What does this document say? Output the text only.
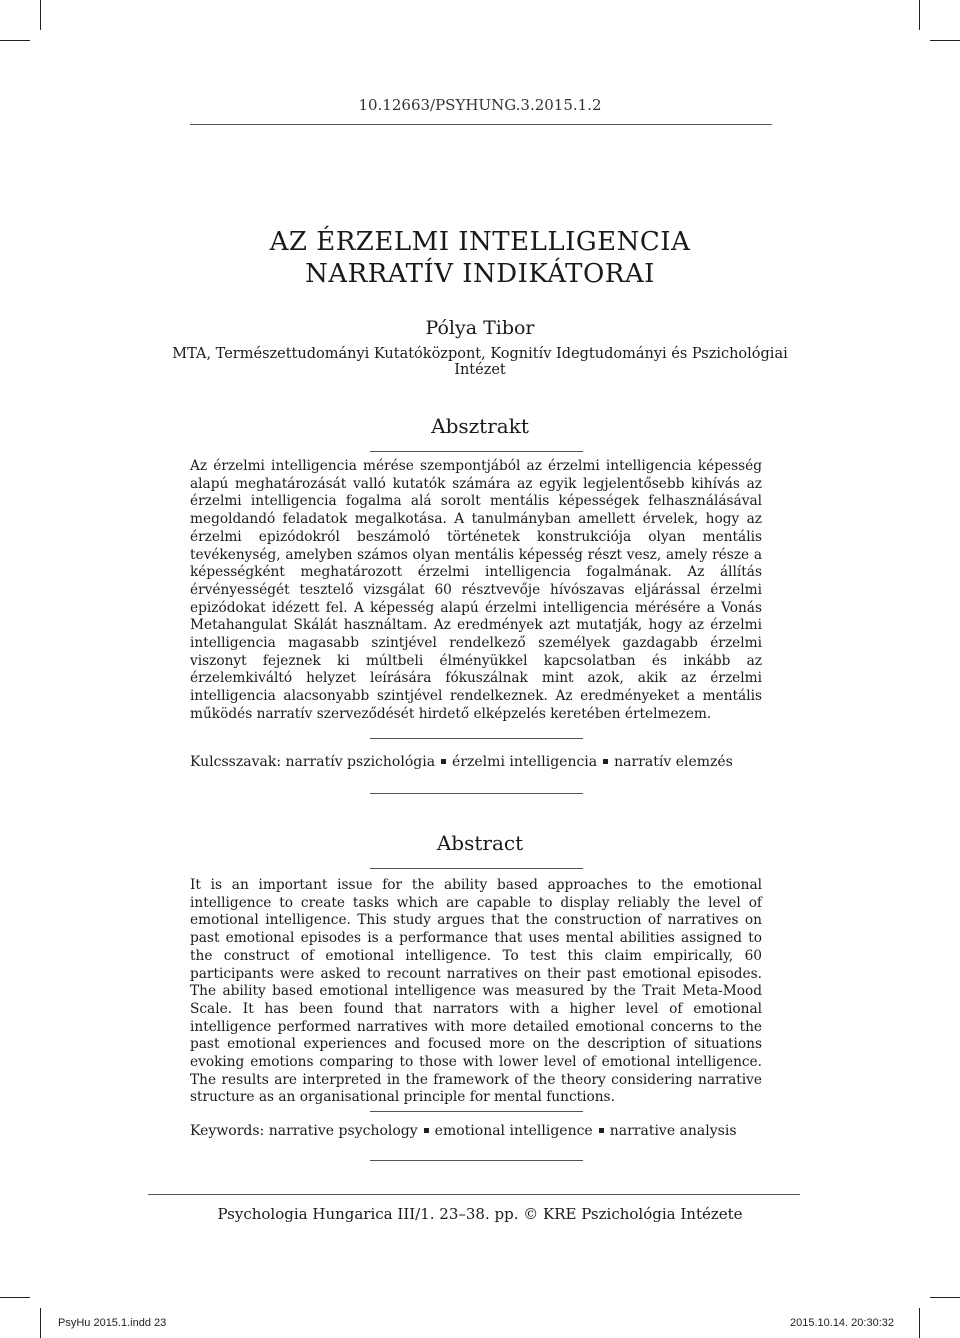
10.12663/PSYHUNG.3.2015.1.2
AZ ÉRZELMI INTELLIGENCIA
NARRATÍV INDIKÁTORAI
Pólya Tibor
MTA, Természettudományi Kutatóközpont, Kognitív Idegtudományi és Pszichológiai Intézet
Absztrakt
Az érzelmi intelligencia mérése szempontjából az érzelmi intelligencia képesség alapú meghatározását valló kutatók számára az egyik legjelentősebb kihívás az érzelmi intelligencia fogalma alá sorolt mentális képességek felhasználásával megoldandó feladatok megalkotása. A tanulmányban amellett érvelek, hogy az érzelmi epizódokról beszámoló történetek konstrukciója olyan mentális tevékenység, amelyben számos olyan mentális képesség részt vesz, amely része a képességként meghatározott érzelmi intelligencia fogalmának. Az állítás érvényességét tesztelő vizsgálat 60 résztvevője hívószavas eljárással érzelmi epizódokat idézett fel. A képesség alapú érzelmi intelligencia mérésére a Vonás Metahangulat Skálát használtam. Az eredmények azt mutatják, hogy az érzelmi intelligencia magasabb szintjével rendelkező személyek gazdagabb érzelmi viszonyt fejeznek ki múltbeli élményükkel kapcsolatban és inkább az érzelemkiváltó helyzet leírására fókuszálnak mint azok, akik az érzelmi intelligencia alacsonyabb szintjével rendelkeznek. Az eredményeket a mentális működés narratív szerveződését hirdető elképzelés keretében értelmezem.
Kulcsszavak: narratív pszichológia érzelmi intelligencia narratív elemzés
Abstract
It is an important issue for the ability based approaches to the emotional intelligence to create tasks which are capable to display reliably the level of emotional intelligence. This study argues that the construction of narratives on past emotional episodes is a performance that uses mental abilities assigned to the construct of emotional intelligence. To test this claim empirically, 60 participants were asked to recount narratives on their past emotional episodes. The ability based emotional intelligence was measured by the Trait Meta-Mood Scale. It has been found that narrators with a higher level of emotional intelligence performed narratives with more detailed emotional concerns to the past emotional experiences and focused more on the description of situations evoking emotions comparing to those with lower level of emotional intelligence. The results are interpreted in the framework of the theory considering narrative structure as an organisational principle for mental functions.
Keywords: narrative psychology emotional intelligence narrative analysis
Psychologia Hungarica III/1. 23–38. pp. © KRE Pszichológia Intézete
PsyHu 2015.1.indd 23	2015.10.14. 20:30:32
